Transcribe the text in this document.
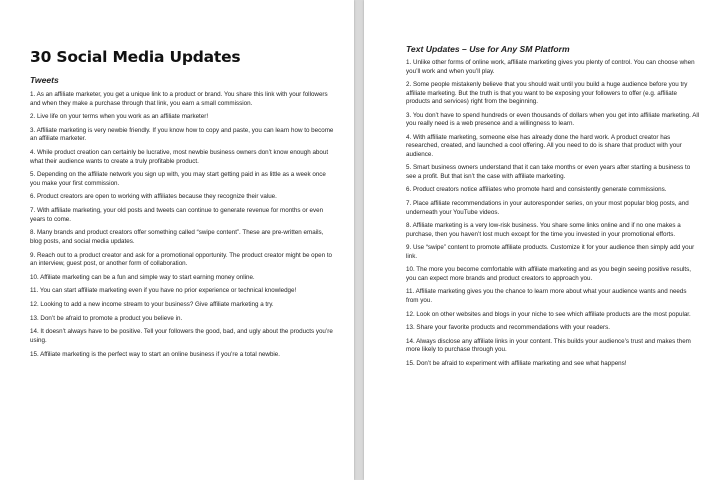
30 Social Media Updates
Tweets
1. As an affiliate marketer, you get a unique link to a product or brand. You share this link with your followers and when they make a purchase through that link, you earn a small commission.
2. Live life on your terms when you work as an affiliate marketer!
3. Affiliate marketing is very newbie friendly. If you know how to copy and paste, you can learn how to become an affiliate marketer.
4. While product creation can certainly be lucrative, most newbie business owners don’t know enough about what their audience wants to create a truly profitable product.
5. Depending on the affiliate network you sign up with, you may start getting paid in as little as a week once you make your first commission.
6. Product creators are open to working with affiliates because they recognize their value.
7. With affiliate marketing, your old posts and tweets can continue to generate revenue for months or even years to come.
8. Many brands and product creators offer something called “swipe content”. These are pre-written emails, blog posts, and social media updates.
9. Reach out to a product creator and ask for a promotional opportunity. The product creator might be open to an interview, guest post, or another form of collaboration.
10. Affiliate marketing can be a fun and simple way to start earning money online.
11. You can start affiliate marketing even if you have no prior experience or technical knowledge!
12. Looking to add a new income stream to your business? Give affiliate marketing a try.
13. Don’t be afraid to promote a product you believe in.
14. It doesn’t always have to be positive. Tell your followers the good, bad, and ugly about the products you’re using.
15. Affiliate marketing is the perfect way to start an online business if you’re a total newbie.
Text Updates – Use for Any SM Platform
1. Unlike other forms of online work, affiliate marketing gives you plenty of control. You can choose when you’ll work and when you’ll play.
2. Some people mistakenly believe that you should wait until you build a huge audience before you try affiliate marketing. But the truth is that you want to be exposing your followers to offer (e.g. affiliate products and services) right from the beginning.
3. You don’t have to spend hundreds or even thousands of dollars when you get into affiliate marketing. All you really need is a web presence and a willingness to learn.
4. With affiliate marketing, someone else has already done the hard work. A product creator has researched, created, and launched a cool offering. All you need to do is share that product with your audience.
5. Smart business owners understand that it can take months or even years after starting a business to see a profit. But that isn’t the case with affiliate marketing.
6. Product creators notice affiliates who promote hard and consistently generate commissions.
7. Place affiliate recommendations in your autoresponder series, on your most popular blog posts, and underneath your YouTube videos.
8. Affiliate marketing is a very low-risk business. You share some links online and if no one makes a purchase, then you haven’t lost much except for the time you invested in your promotional efforts.
9. Use “swipe” content to promote affiliate products. Customize it for your audience then simply add your link.
10. The more you become comfortable with affiliate marketing and as you begin seeing positive results, you can expect more brands and product creators to approach you.
11. Affiliate marketing gives you the chance to learn more about what your audience wants and needs from you.
12. Look on other websites and blogs in your niche to see which affiliate products are the most popular.
13. Share your favorite products and recommendations with your readers.
14. Always disclose any affiliate links in your content. This builds your audience’s trust and makes them more likely to purchase through you.
15. Don’t be afraid to experiment with affiliate marketing and see what happens!
